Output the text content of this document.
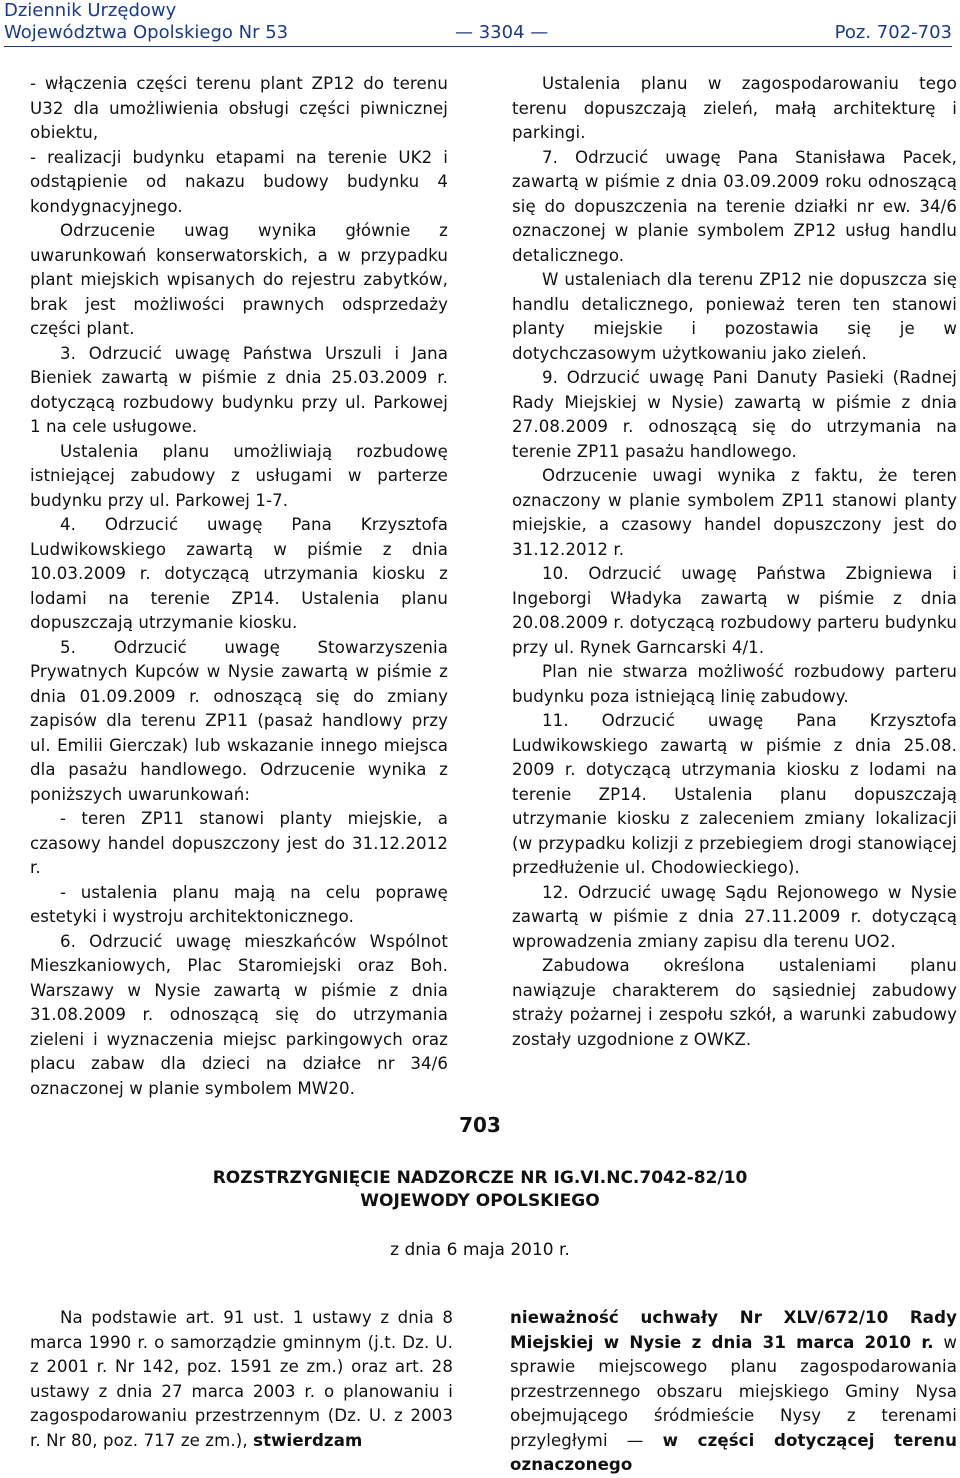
Dziennik Urzędowy
Województwa Opolskiego Nr 53	— 3304 —	Poz. 702-703

- włączenia części terenu plant ZP12 do terenu U32 dla umożliwienia obsługi części piwnicznej obiektu,

- realizacji budynku etapami na terenie UK2 i odstąpienie od nakazu budowy budynku 4 kondygnacyjnego.

Odrzucenie uwag wynika głównie z uwarunkowań konserwatorskich, a w przypadku plant miejskich wpisanych do rejestru zabytków, brak jest możliwości prawnych odsprzedaży części plant.

3. Odrzucić uwagę Państwa Urszuli i Jana Bieniek zawartą w piśmie z dnia 25.03.2009 r. dotyczącą rozbudowy budynku przy ul. Parkowej 1 na cele usługowe.

Ustalenia planu umożliwiają rozbudowę istniejącej zabudowy z usługami w parterze budynku przy ul. Parkowej 1-7.

4. Odrzucić uwagę Pana Krzysztofa Ludwikowskiego zawartą w piśmie z dnia 10.03.2009 r. dotyczącą utrzymania kiosku z lodami na terenie ZP14. Ustalenia planu dopuszczają utrzymanie kiosku.

5. Odrzucić uwagę Stowarzyszenia Prywatnych Kupców w Nysie zawartą w piśmie z dnia 01.09.2009 r. odnoszącą się do zmiany zapisów dla terenu ZP11 (pasaż handlowy przy ul. Emilii Gierczak) lub wskazanie innego miejsca dla pasażu handlowego. Odrzucenie wynika z poniższych uwarunkowań:

- teren ZP11 stanowi planty miejskie, a czasowy handel dopuszczony jest do 31.12.2012 r.

- ustalenia planu mają na celu poprawę estetyki i wystroju architektonicznego.

6. Odrzucić uwagę mieszkańców Wspólnot Mieszkaniowych, Plac Staromiejski oraz Boh. Warszawy w Nysie zawartą w piśmie z dnia 31.08.2009 r. odnoszącą się do utrzymania zieleni i wyznaczenia miejsc parkingowych oraz placu zabaw dla dzieci na działce nr 34/6 oznaczonej w planie symbolem MW20.

Ustalenia planu w zagospodarowaniu tego terenu dopuszczają zieleń, małą architekturę i parkingi.

7. Odrzucić uwagę Pana Stanisława Pacek, zawartą w piśmie z dnia 03.09.2009 roku odnoszącą się do dopuszczenia na terenie działki nr ew. 34/6 oznaczonej w planie symbolem ZP12 usług handlu detalicznego.

W ustaleniach dla terenu ZP12 nie dopuszcza się handlu detalicznego, ponieważ teren ten stanowi planty miejskie i pozostawia się je w dotychczasowym użytkowaniu jako zieleń.

9. Odrzucić uwagę Pani Danuty Pasieki (Radnej Rady Miejskiej w Nysie) zawartą w piśmie z dnia 27.08.2009 r. odnoszącą się do utrzymania na terenie ZP11 pasażu handlowego.

Odrzucenie uwagi wynika z faktu, że teren oznaczony w planie symbolem ZP11 stanowi planty miejskie, a czasowy handel dopuszczony jest do 31.12.2012 r.

10. Odrzucić uwagę Państwa Zbigniewa i Ingeborgi Władyka zawartą w piśmie z dnia 20.08.2009 r. dotyczącą rozbudowy parteru budynku przy ul. Rynek Garncarski 4/1.

Plan nie stwarza możliwość rozbudowy parteru budynku poza istniejącą linię zabudowy.

11. Odrzucić uwagę Pana Krzysztofa Ludwikowskiego zawartą w piśmie z dnia 25.08. 2009 r. dotyczącą utrzymania kiosku z lodami na terenie ZP14. Ustalenia planu dopuszczają utrzymanie kiosku z zaleceniem zmiany lokalizacji (w przypadku kolizji z przebiegiem drogi stanowiącej przedłużenie ul. Chodowieckiego).

12. Odrzucić uwagę Sądu Rejonowego w Nysie zawartą w piśmie z dnia 27.11.2009 r. dotyczącą wprowadzenia zmiany zapisu dla terenu UO2.

Zabudowa określona ustaleniami planu nawiązuje charakterem do sąsiedniej zabudowy straży pożarnej i zespołu szkół, a warunki zabudowy zostały uzgodnione z OWKZ.

703
ROZSTRZYGNIĘCIE NADZORCZE NR IG.VI.NC.7042-82/10
WOJEWODY OPOLSKIEGO
z dnia 6 maja 2010 r.

Na podstawie art. 91 ust. 1 ustawy z dnia 8 marca 1990 r. o samorządzie gminnym (j.t. Dz. U. z 2001 r. Nr 142, poz. 1591 ze zm.) oraz art. 28 ustawy z dnia 27 marca 2003 r. o planowaniu i zagospodarowaniu przestrzennym (Dz. U. z 2003 r. Nr 80, poz. 717 ze zm.), stwierdzam

nieważność uchwały Nr XLV/672/10 Rady Miejskiej w Nysie z dnia 31 marca 2010 r. w sprawie miejscowego planu zagospodarowania przestrzennego obszaru miejskiego Gminy Nysa obejmującego śródmieście Nysy z terenami przyległymi — w części dotyczącej terenu oznaczonego
